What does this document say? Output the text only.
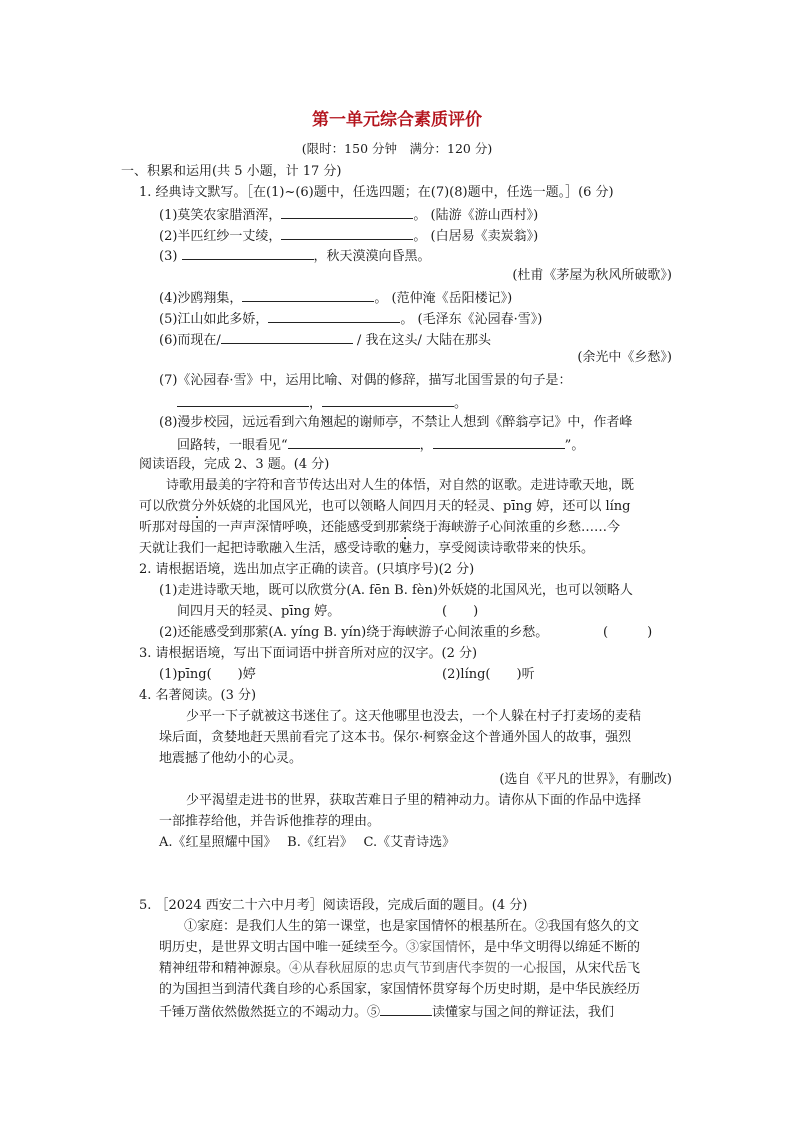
第一单元综合素质评价
(限时：150 分钟　满分：120 分)
一、积累和运用(共 5 小题，计 17 分)
1. 经典诗文默写。［在(1)~(6)题中，任选四题；在(7)(8)题中，任选一题。］(6 分)
(1)莫笑农家腊酒浑，	。 (陆游《游山西村》)
(2)半匹红纱一丈绫，	。 (白居易《卖炭翁》)
(3)	，秋天漠漠向昏黑。
(杜甫《茅屋为秋风所破歌》)
(4)沙鸥翔集，	。 (范仲淹《岳阳楼记》)
(5)江山如此多娇，	。 (毛泽东《沁园春·雪》)
(6)而现在/	/ 我在这头/ 大陆在那头
(余光中《乡愁》)
(7)《沁园春·雪》中，运用比喻、对偶的修辞，描写北国雪景的句子是：
，	。
(8)漫步校园，远远看到六角翘起的谢师亭，不禁让人想到《醉翁亭记》中，作者峰
回路转，一眼看见“	，	”。
阅读语段，完成 2、3 题。(4 分)
诗歌用最美的字符和音节传达出对人生的体悟，对自然的讴歌。走进诗歌天地，既
可以欣赏分外妖娆的北国风光，也可以领略人间四月天的轻灵、pīng 婷，还可以 líng
听那对母国的一声声深情呼唤，还能感受到那萦绕于海峡游子心间浓重的乡愁……今
天就让我们一起把诗歌融入生活，感受诗歌的魅力，享受阅读诗歌带来的快乐。
2. 请根据语境，选出加点字正确的读音。(只填序号)(2 分)
(1)走进诗歌天地，既可以欣赏分(A. fēn B. fèn)外妖娆的北国风光，也可以领略人
间四月天的轻灵、pīng 婷。	(　　)
(2)还能感受到那萦(A. yíng B. yín)绕于海峡游子心间浓重的乡愁。	(　　　)
3. 请根据语境，写出下面词语中拼音所对应的汉字。(2 分)
(1)pīng(　　)婷	(2)líng(　　)听
4. 名著阅读。(3 分)
少平一下子就被这书迷住了。这天他哪里也没去，一个人躲在村子打麦场的麦秸
垛后面，贪婪地赶天黑前看完了这本书。保尔·柯察金这个普通外国人的故事，强烈
地震撼了他幼小的心灵。
(选自《平凡的世界》，有删改)
少平渴望走进书的世界，获取苦难日子里的精神动力。请你从下面的作品中选择
一部推荐给他，并告诉他推荐的理由。
A.《红星照耀中国》　 B.《红岩》　 C.《艾青诗选》
5. ［2024 西安二十六中月考］阅读语段，完成后面的题目。(4 分)
①家庭：是我们人生的第一课堂，也是家国情怀的根基所在。②我国有悠久的文
明历史，是世界文明古国中唯一延续至今。③家国情怀，是中华文明得以绵延不断的
精神纽带和精神源泉。④从春秋屈原的忠贞气节到唐代李贺的一心报国，从宋代岳飞
的为国担当到清代龚自珍的心系国家，家国情怀贯穿每个历史时期，是中华民族经历
千锤万凿依然傲然挺立的不竭动力。⑤	读懂家与国之间的辩证法，我们
